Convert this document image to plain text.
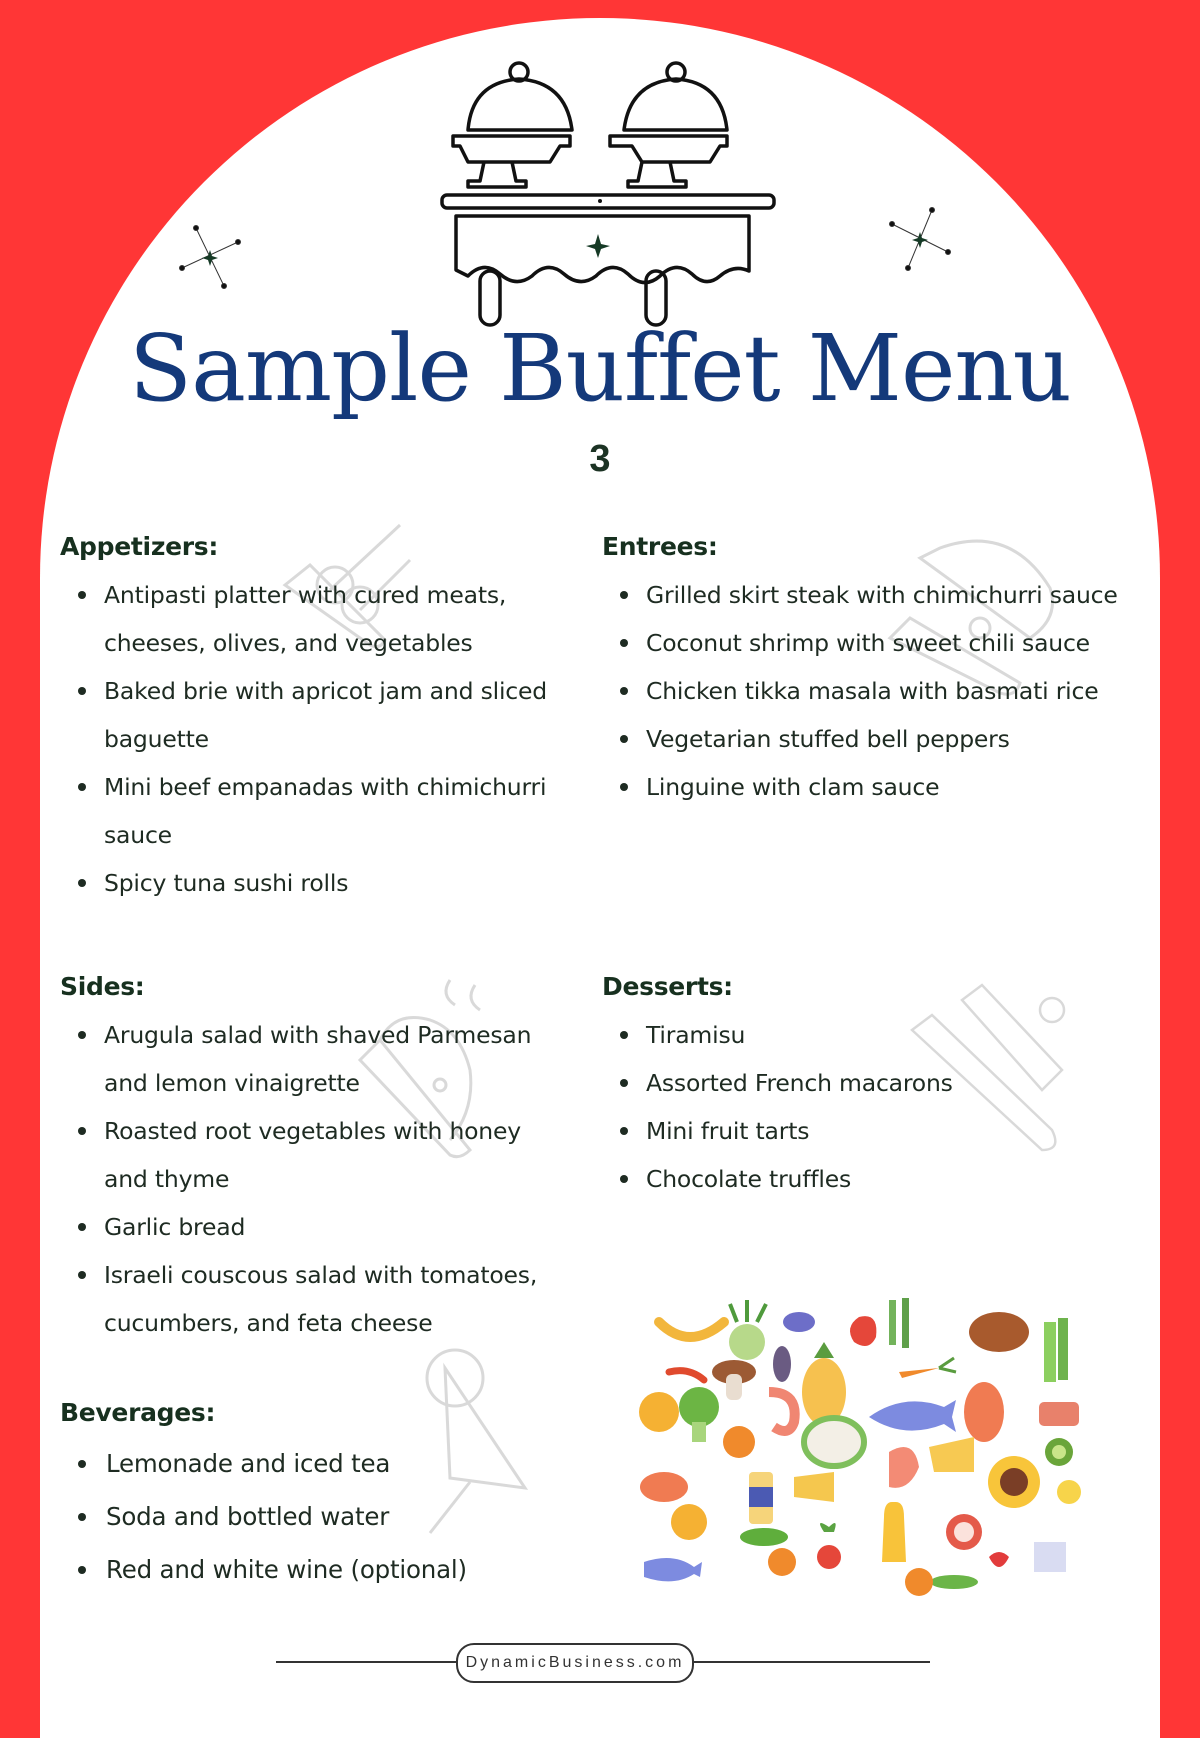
Sample Buffet Menu
3
Appetizers:
Antipasti platter with cured meats, cheeses, olives, and vegetables
Baked brie with apricot jam and sliced baguette
Mini beef empanadas with chimichurri sauce
Spicy tuna sushi rolls
Entrees:
Grilled skirt steak with chimichurri sauce
Coconut shrimp with sweet chili sauce
Chicken tikka masala with basmati rice
Vegetarian stuffed bell peppers
Linguine with clam sauce
Sides:
Arugula salad with shaved Parmesan and lemon vinaigrette
Roasted root vegetables with honey and thyme
Garlic bread
Israeli couscous salad with tomatoes, cucumbers, and feta cheese
Desserts:
Tiramisu
Assorted French macarons
Mini fruit tarts
Chocolate truffles
Beverages:
Lemonade and iced tea
Soda and bottled water
Red and white wine (optional)
DynamicBusiness.com
